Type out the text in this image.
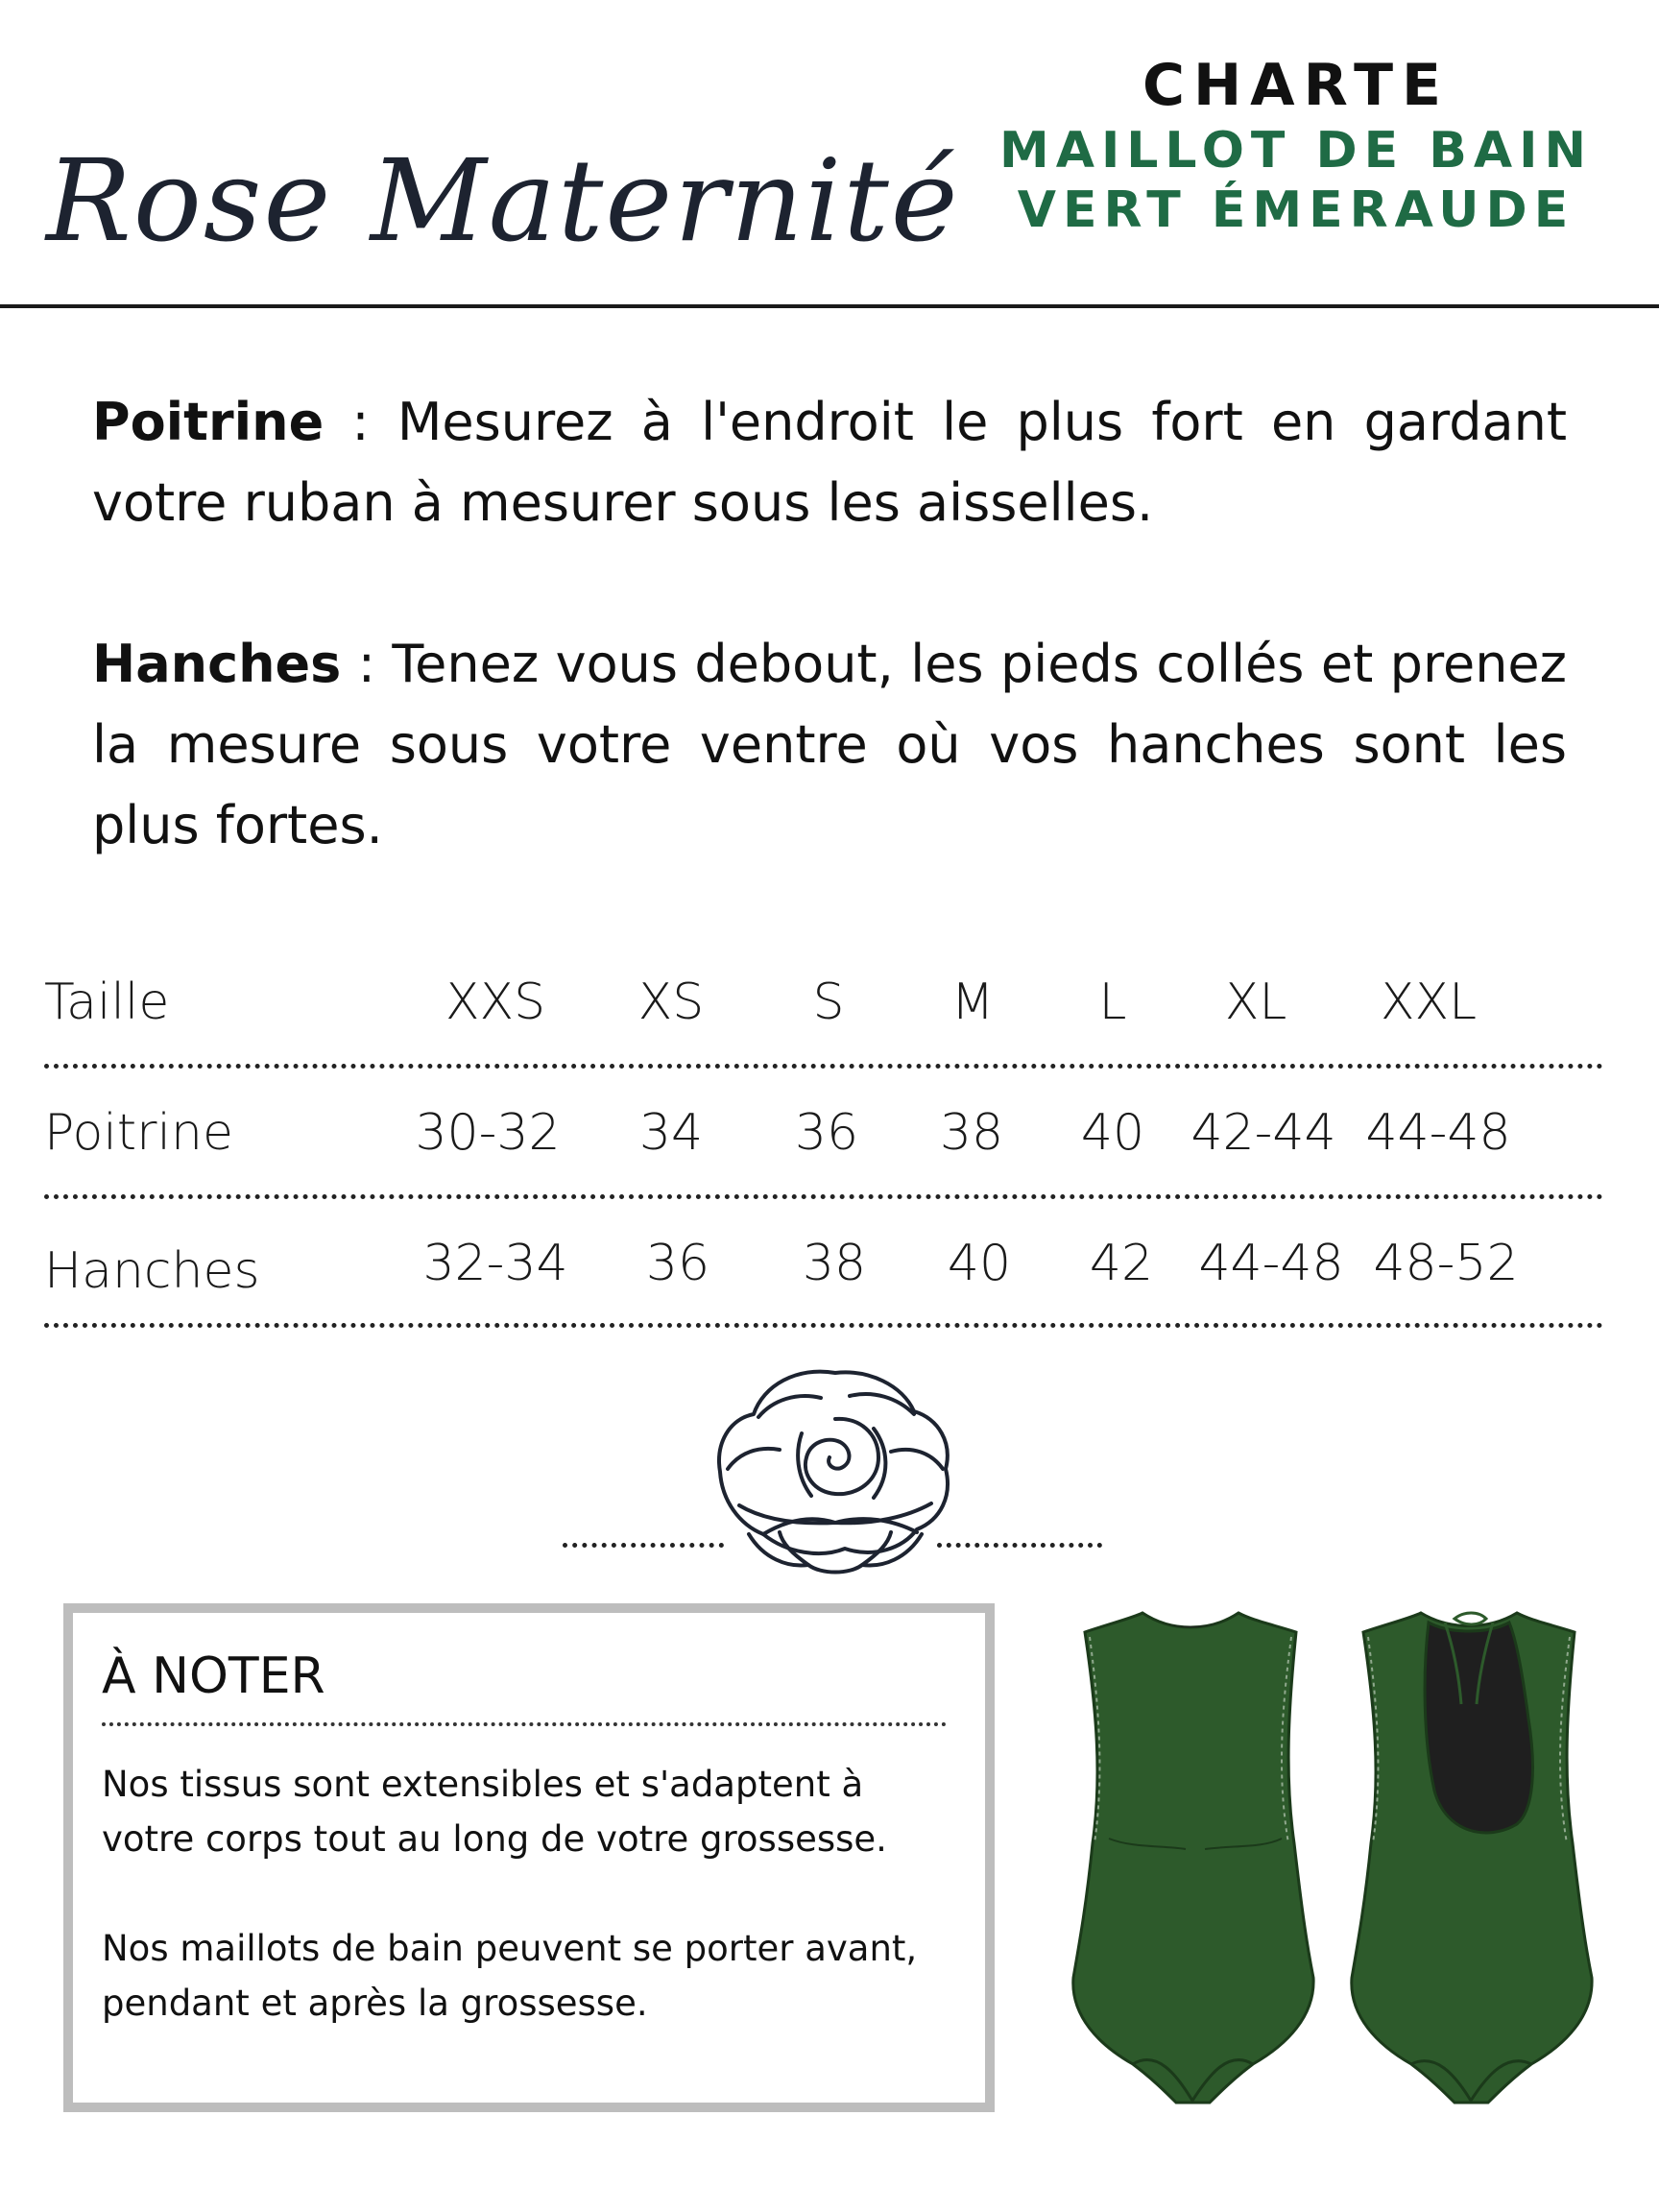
Rose Maternité
CHARTE
MAILLOT DE BAIN
VERT ÉMERAUDE

Poitrine : Mesurez à l'endroit le plus fort en gardant votre ruban à mesurer sous les aisselles.

Hanches : Tenez vous debout, les pieds collés et prenez la mesure sous votre ventre où vos hanches sont les plus fortes.

Taille	XXS XS S M L XL XXL
Poitrine	30-32 34 36 38 40 42-44 44-48
Hanches	32-34 36 38 40 42 44-48 48-52
À NOTER

Nos tissus sont extensibles et s'adaptent à votre corps tout au long de votre grossesse.

Nos maillots de bain peuvent se porter avant, pendant et après la grossesse.
